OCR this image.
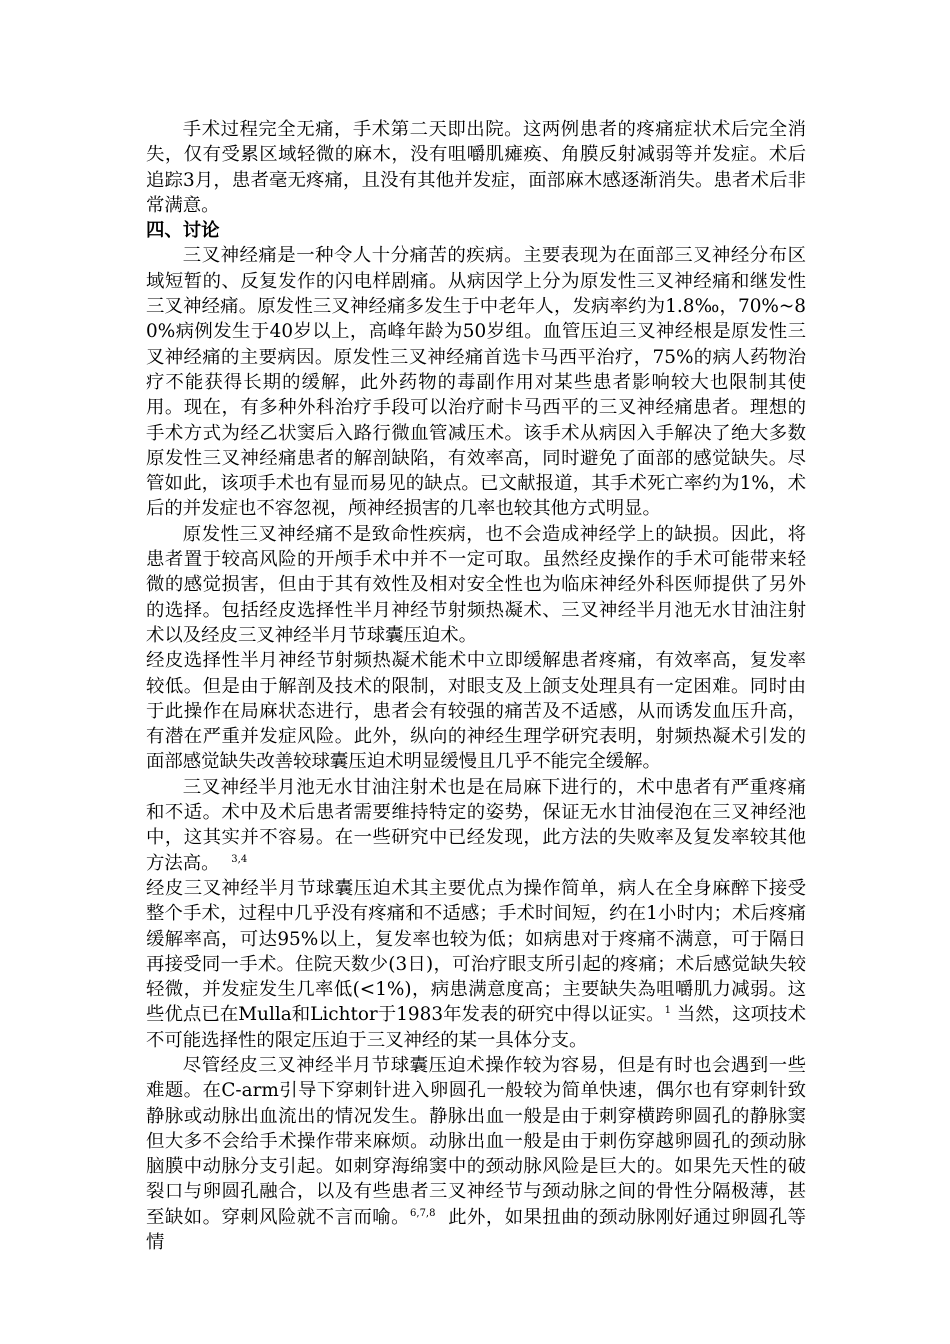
手术过程完全无痛，手术第二天即出院。这两例患者的疼痛症状术后完全消失，仅有受累区域轻微的麻木，没有咀嚼肌瘫痪、角膜反射减弱等并发症。术后追踪3月，患者毫无疼痛，且没有其他并发症，面部麻木感逐渐消失。患者术后非常满意。

四、讨论

三叉神经痛是一种令人十分痛苦的疾病。主要表现为在面部三叉神经分布区域短暂的、反复发作的闪电样剧痛。从病因学上分为原发性三叉神经痛和继发性三叉神经痛。原发性三叉神经痛多发生于中老年人，发病率约为1.8‰，70%~80%病例发生于40岁以上，高峰年龄为50岁组。血管压迫三叉神经根是原发性三叉神经痛的主要病因。原发性三叉神经痛首选卡马西平治疗，75%的病人药物治疗不能获得长期的缓解，此外药物的毒副作用对某些患者影响较大也限制其使用。现在，有多种外科治疗手段可以治疗耐卡马西平的三叉神经痛患者。理想的手术方式为经乙状窦后入路行微血管减压术。该手术从病因入手解决了绝大多数原发性三叉神经痛患者的解剖缺陷，有效率高，同时避免了面部的感觉缺失。尽管如此，该项手术也有显而易见的缺点。已文献报道，其手术死亡率约为1%，术后的并发症也不容忽视，颅神经损害的几率也较其他方式明显。

原发性三叉神经痛不是致命性疾病，也不会造成神经学上的缺损。因此，将患者置于较高风险的开颅手术中并不一定可取。虽然经皮操作的手术可能带来轻微的感觉损害，但由于其有效性及相对安全性也为临床神经外科医师提供了另外的选择。包括经皮选择性半月神经节射频热凝术、三叉神经半月池无水甘油注射术以及经皮三叉神经半月节球囊压迫术。

经皮选择性半月神经节射频热凝术能术中立即缓解患者疼痛，有效率高，复发率较低。但是由于解剖及技术的限制，对眼支及上颌支处理具有一定困难。同时由于此操作在局麻状态进行，患者会有较强的痛苦及不适感，从而诱发血压升高，有潜在严重并发症风险。此外，纵向的神经生理学研究表明，射频热凝术引发的面部感觉缺失改善较球囊压迫术明显缓慢且几乎不能完全缓解。

三叉神经半月池无水甘油注射术也是在局麻下进行的，术中患者有严重疼痛和不适。术中及术后患者需要维持特定的姿势，保证无水甘油侵泡在三叉神经池中，这其实并不容易。在一些研究中已经发现，此方法的失败率及复发率较其他方法高。 $^{3,4}$

经皮三叉神经半月节球囊压迫术其主要优点为操作简单，病人在全身麻醉下接受整个手术，过程中几乎没有疼痛和不适感；手术时间短，约在1小时内；术后疼痛缓解率高，可达95%以上，复发率也较为低；如病患对于疼痛不满意，可于隔日再接受同一手术。住院天数少(3日)，可治疗眼支所引起的疼痛；术后感觉缺失较轻微，并发症发生几率低(<1%)，病患满意度高；主要缺失為咀嚼肌力减弱。这些优点已在Mulla和Lichtor于1983年发表的研究中得以证实。$^1$ 当然，这项技术不可能选择性的限定压迫于三叉神经的某一具体分支。

尽管经皮三叉神经半月节球囊压迫术操作较为容易，但是有时也会遇到一些难题。在C-arm引导下穿刺针进入卵圆孔一般较为简单快速，偶尔也有穿刺针致静脉或动脉出血流出的情况发生。静脉出血一般是由于刺穿横跨卵圆孔的静脉窦但大多不会给手术操作带来麻烦。动脉出血一般是由于刺伤穿越卵圆孔的颈动脉脑膜中动脉分支引起。如刺穿海绵窦中的颈动脉风险是巨大的。如果先天性的破裂口与卵圆孔融合，以及有些患者三叉神经节与颈动脉之间的骨性分隔极薄，甚至缺如。穿刺风险就不言而喻。$^{6,7,8}$ 此外，如果扭曲的颈动脉刚好通过卵圆孔等情
